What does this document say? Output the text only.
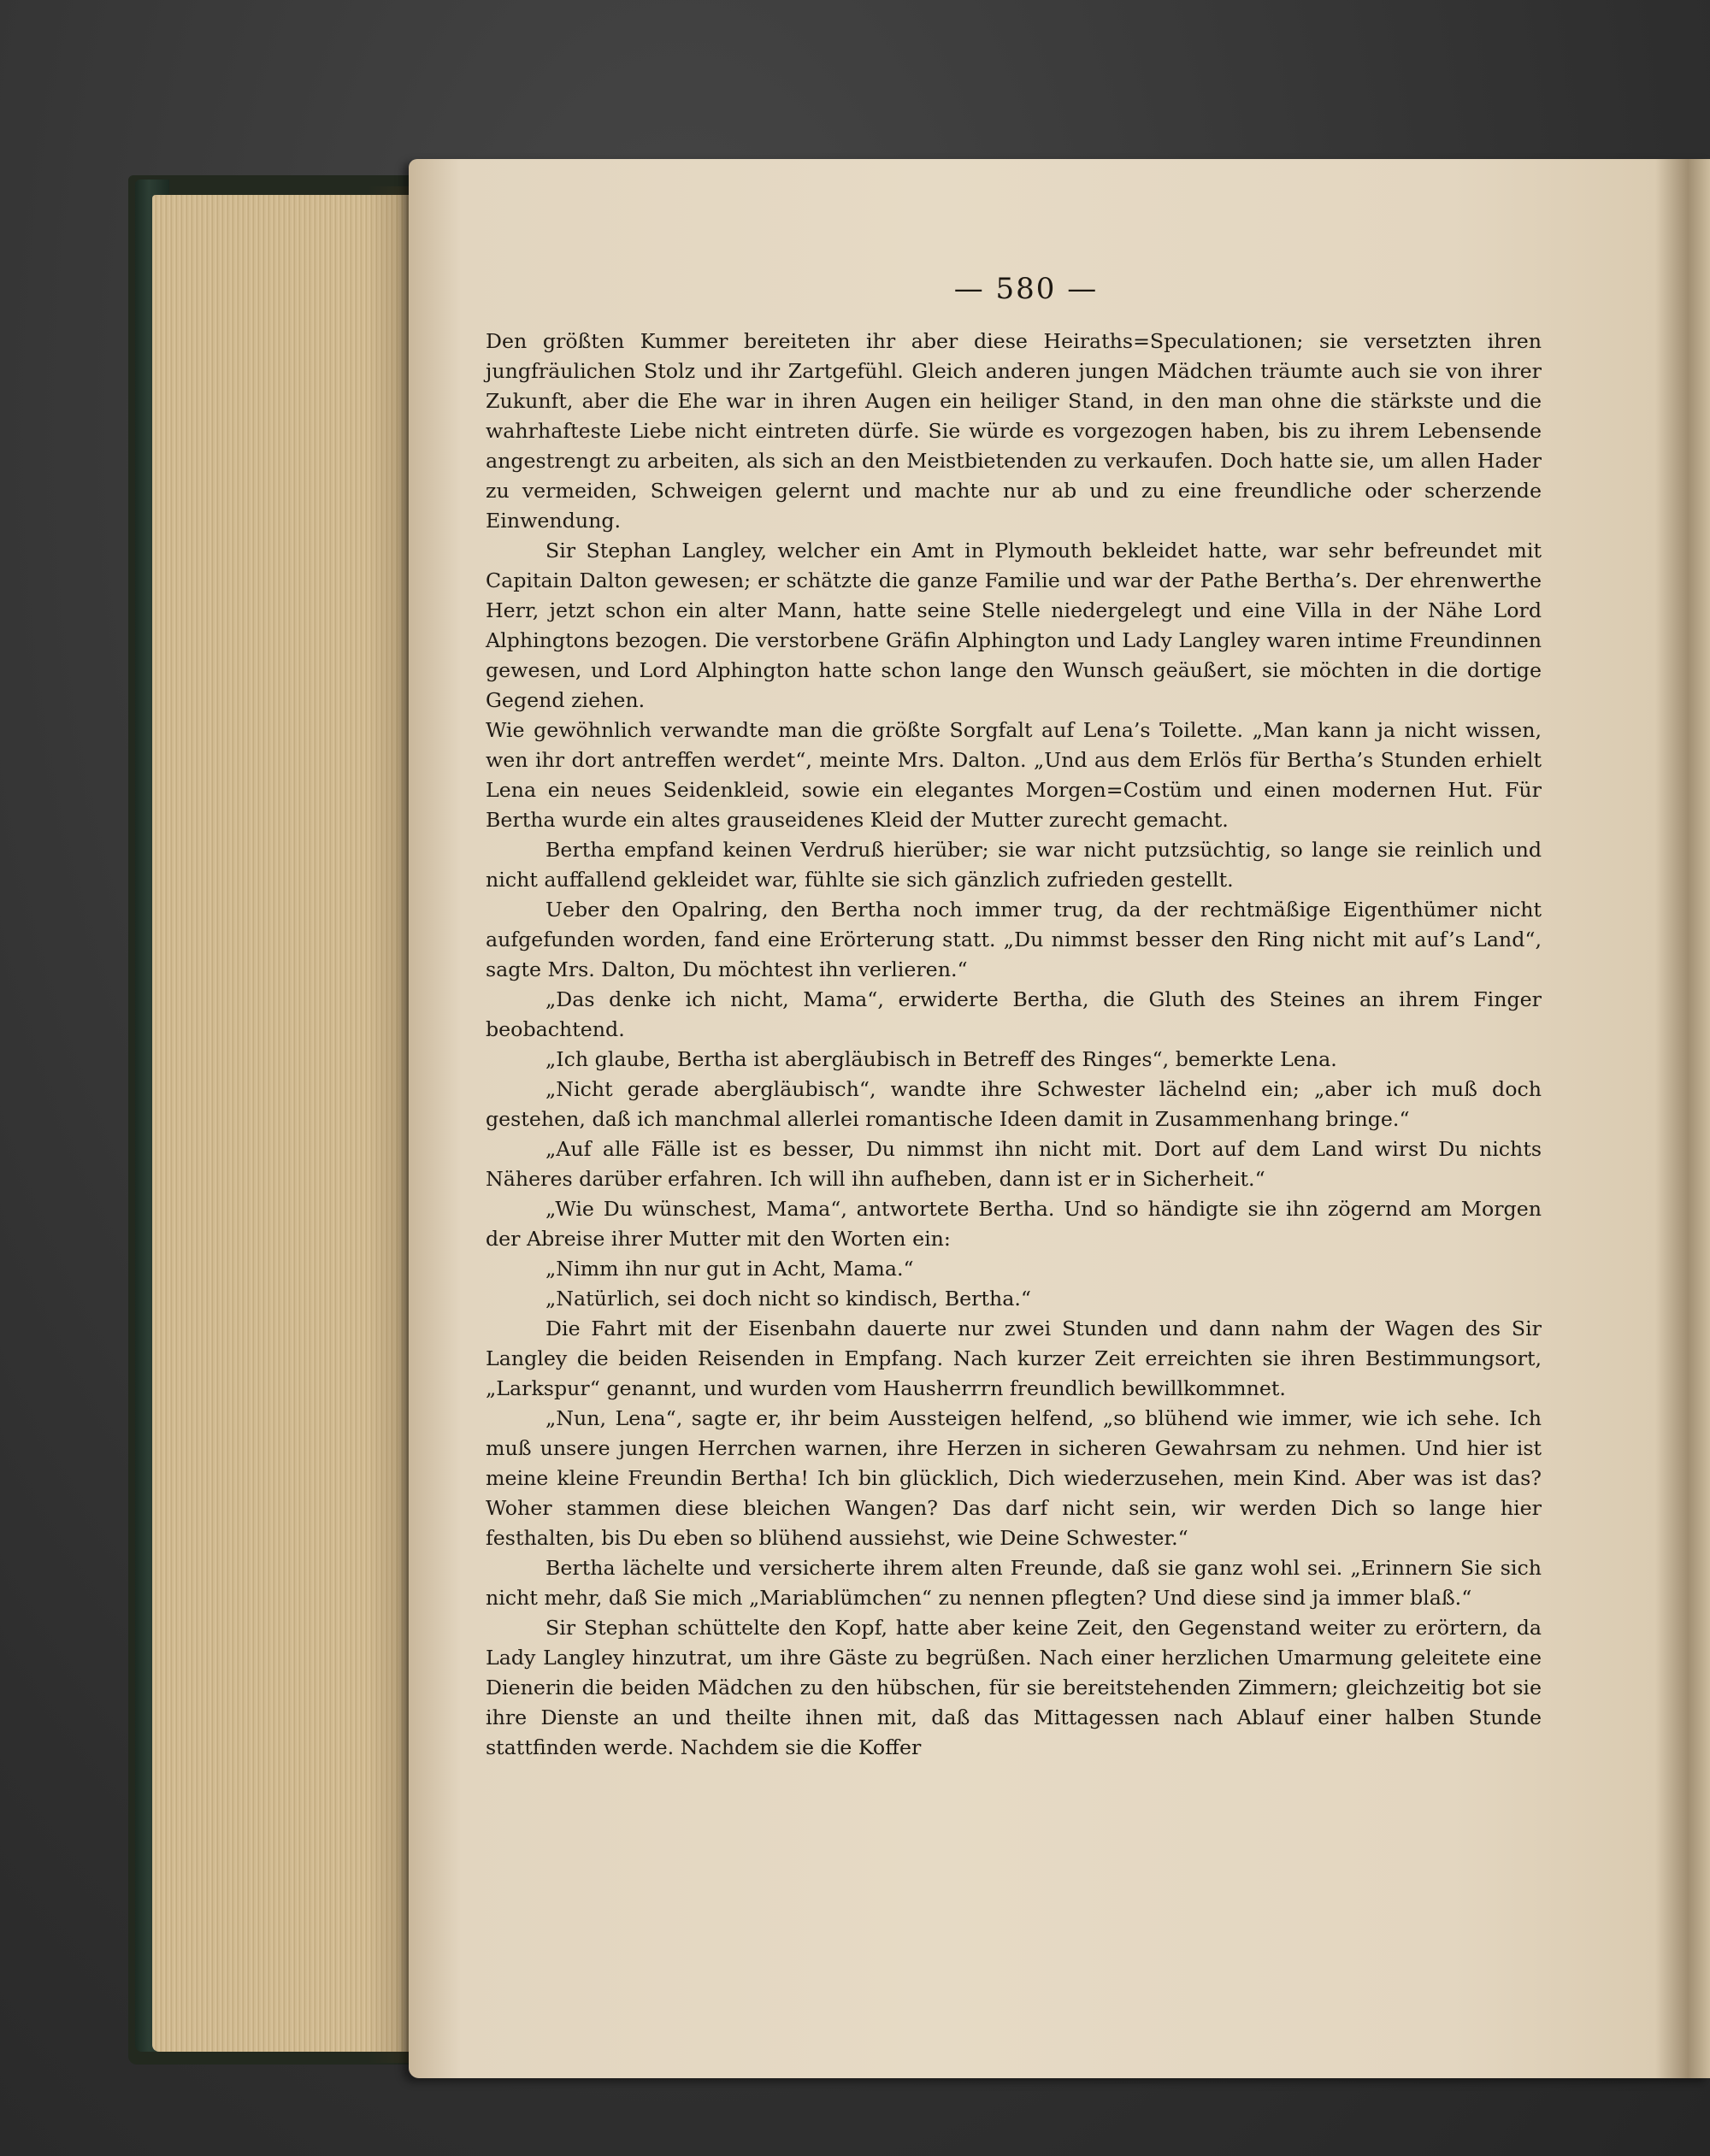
— 580 —

Den größten Kummer bereiteten ihr aber diese Heiraths=Speculationen; sie versetzten ihren jungfräulichen Stolz und ihr Zartgefühl. Gleich anderen jungen Mädchen träumte auch sie von ihrer Zukunft, aber die Ehe war in ihren Augen ein heiliger Stand, in den man ohne die stärkste und die wahrhafteste Liebe nicht eintreten dürfe. Sie würde es vorgezogen haben, bis zu ihrem Lebensende angestrengt zu arbeiten, als sich an den Meistbietenden zu verkaufen. Doch hatte sie, um allen Hader zu vermeiden, Schweigen gelernt und machte nur ab und zu eine freundliche oder scherzende Einwendung.

Sir Stephan Langley, welcher ein Amt in Plymouth bekleidet hatte, war sehr befreundet mit Capitain Dalton gewesen; er schätzte die ganze Familie und war der Pathe Bertha’s. Der ehrenwerthe Herr, jetzt schon ein alter Mann, hatte seine Stelle niedergelegt und eine Villa in der Nähe Lord Alphingtons bezogen. Die verstorbene Gräfin Alphington und Lady Langley waren intime Freundinnen gewesen, und Lord Alphington hatte schon lange den Wunsch geäußert, sie möchten in die dortige Gegend ziehen.

Wie gewöhnlich verwandte man die größte Sorgfalt auf Lena’s Toilette. „Man kann ja nicht wissen, wen ihr dort antreffen werdet“, meinte Mrs. Dalton. „Und aus dem Erlös für Bertha’s Stunden erhielt Lena ein neues Seidenkleid, sowie ein elegantes Morgen=Costüm und einen modernen Hut. Für Bertha wurde ein altes grauseidenes Kleid der Mutter zurecht gemacht.

Bertha empfand keinen Verdruß hierüber; sie war nicht putzsüchtig, so lange sie reinlich und nicht auffallend gekleidet war, fühlte sie sich gänzlich zufrieden gestellt.

Ueber den Opalring, den Bertha noch immer trug, da der rechtmäßige Eigenthümer nicht aufgefunden worden, fand eine Erörterung statt. „Du nimmst besser den Ring nicht mit auf’s Land“, sagte Mrs. Dalton, Du möchtest ihn verlieren.“

„Das denke ich nicht, Mama“, erwiderte Bertha, die Gluth des Steines an ihrem Finger beobachtend.

„Ich glaube, Bertha ist abergläubisch in Betreff des Ringes“, bemerkte Lena.

„Nicht gerade abergläubisch“, wandte ihre Schwester lächelnd ein; „aber ich muß doch gestehen, daß ich manchmal allerlei romantische Ideen damit in Zusammenhang bringe.“

„Auf alle Fälle ist es besser, Du nimmst ihn nicht mit. Dort auf dem Land wirst Du nichts Näheres darüber erfahren. Ich will ihn aufheben, dann ist er in Sicherheit.“

„Wie Du wünschest, Mama“, antwortete Bertha. Und so händigte sie ihn zögernd am Morgen der Abreise ihrer Mutter mit den Worten ein:

„Nimm ihn nur gut in Acht, Mama.“

„Natürlich, sei doch nicht so kindisch, Bertha.“

Die Fahrt mit der Eisenbahn dauerte nur zwei Stunden und dann nahm der Wagen des Sir Langley die beiden Reisenden in Empfang. Nach kurzer Zeit erreichten sie ihren Bestimmungsort, „Larkspur“ genannt, und wurden vom Hausherrrn freundlich bewillkommnet.

„Nun, Lena“, sagte er, ihr beim Aussteigen helfend, „so blühend wie immer, wie ich sehe. Ich muß unsere jungen Herrchen warnen, ihre Herzen in sicheren Gewahrsam zu nehmen. Und hier ist meine kleine Freundin Bertha! Ich bin glücklich, Dich wiederzusehen, mein Kind. Aber was ist das? Woher stammen diese bleichen Wangen? Das darf nicht sein, wir werden Dich so lange hier festhalten, bis Du eben so blühend aussiehst, wie Deine Schwester.“

Bertha lächelte und versicherte ihrem alten Freunde, daß sie ganz wohl sei. „Erinnern Sie sich nicht mehr, daß Sie mich „Mariablümchen“ zu nennen pflegten? Und diese sind ja immer blaß.“

Sir Stephan schüttelte den Kopf, hatte aber keine Zeit, den Gegenstand weiter zu erörtern, da Lady Langley hinzutrat, um ihre Gäste zu begrüßen. Nach einer herzlichen Umarmung geleitete eine Dienerin die beiden Mädchen zu den hübschen, für sie bereitstehenden Zimmern; gleichzeitig bot sie ihre Dienste an und theilte ihnen mit, daß das Mittagessen nach Ablauf einer halben Stunde stattfinden werde. Nachdem sie die Koffer
